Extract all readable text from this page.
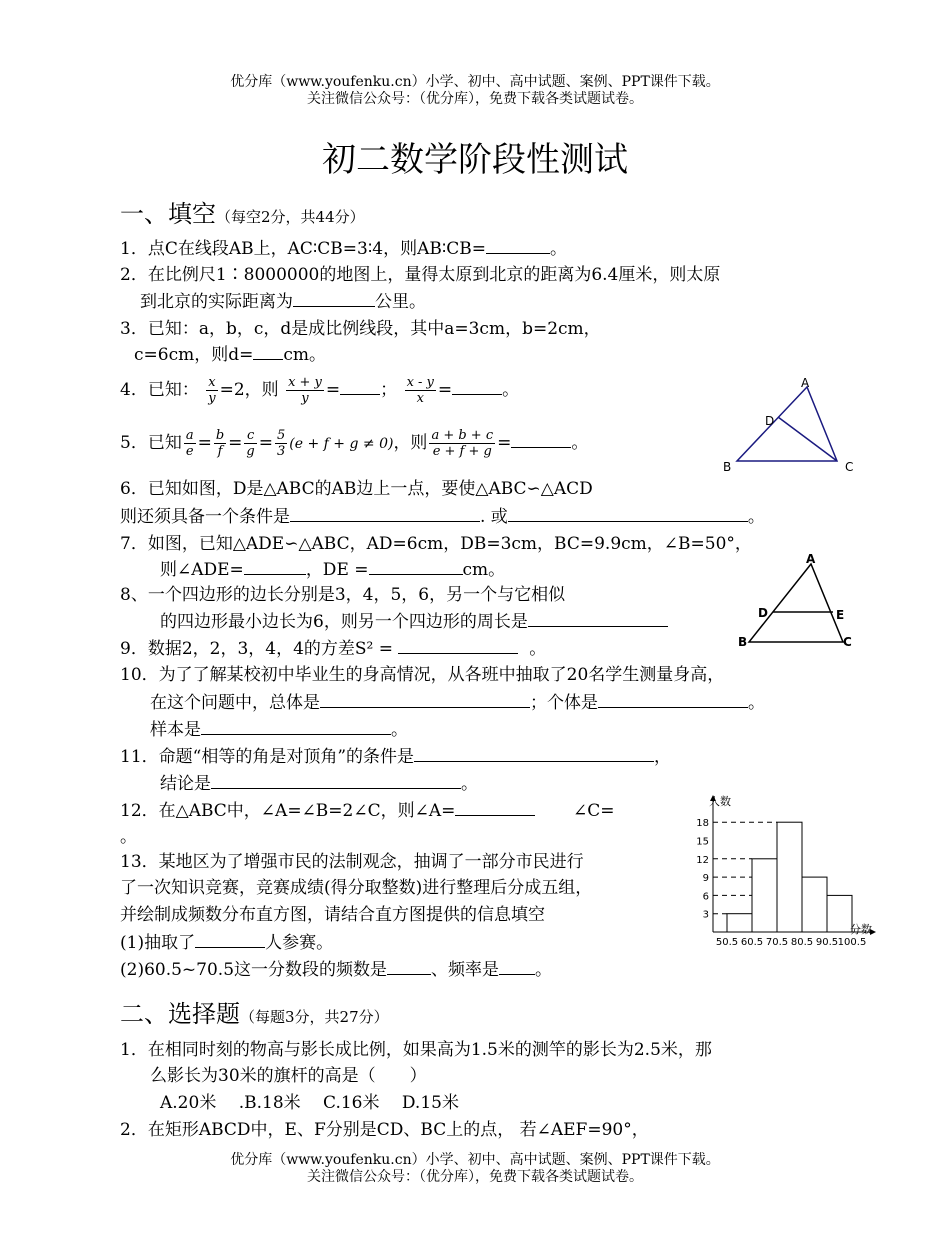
优分库（www.youfenku.cn）小学、初中、高中试题、案例、PPT课件下载。
关注微信公众号：（优分库），免费下载各类试题试卷。
初二数学阶段性测试
一、填空（每空2分，共44分）
1．点C在线段AB上，AC∶CB=3∶4，则AB∶CB=	。
2．在比例尺1∶8000000的地图上，量得太原到北京的距离为6.4厘米，则太原
到北京的实际距离为	公里。
3．已知：a，b，c，d是成比例线段，其中a=3cm，b=2cm，
c=6cm，则d= cm。
4．已知： $\frac{x}{y} =2$，则 $\frac{x + y}{y}$ = ； $\frac{x - y}{x}$ =	。
5．已知 $\frac{a}{e} = \frac{b}{f} = \frac{c}{g} = \frac{5}{3} (e + f + g \ne 0)$，则 $\frac{a + b + c}{e + f + g}$ =	。
A
B	C
D
6．已知如图，D是△ABC的AB边上一点，要使△ABC∽△ACD
则还须具备一个条件是	. 或	。
7．如图，已知△ADE∽△ABC，AD=6cm，DB=3cm，BC=9.9cm，∠B=50°，
则∠ADE=	，DE =	cm。
A
B	C
D	E
8、一个四边形的边长分别是3，4，5，6，另一个与它相似
的四边形最小边长为6，则另一个四边形的周长是
9．数据2，2，3，4，4的方差S² =	。
10．为了了解某校初中毕业生的身高情况，从各班中抽取了20名学生测量身高，
在这个问题中，总体是	；个体是	。
样本是	。
11．命题“相等的角是对顶角”的条件是	，
结论是	。
12．在△ABC中，∠A=∠B=2∠C，则∠A=	∠C=
。
13．某地区为了增强市民的法制观念，抽调了一部分市民进行
了一次知识竞赛，竞赛成绩(得分取整数)进行整理后分成五组，
并绘制成频数分布直方图，请结合直方图提供的信息填空
(1)抽取了	人参赛。
(2)60.5~70.5这一分数段的频数是	、频率是 。
3
6
9
12
15
18
50.5 60.5 70.5 80.5 90.5 100.5
人数
分数
二、选择题（每题3分，共27分）
1．在相同时刻的物高与影长成比例，如果高为1.5米的测竿的影长为2.5米，那
么影长为30米的旗杆的高是（　　）
A.20米　 .B.18米　 C.16米　 D.15米
2．在矩形ABCD中，E、F分别是CD、BC上的点， 若∠AEF=90°，
优分库（www.youfenku.cn）小学、初中、高中试题、案例、PPT课件下载。
关注微信公众号：（优分库），免费下载各类试题试卷。
